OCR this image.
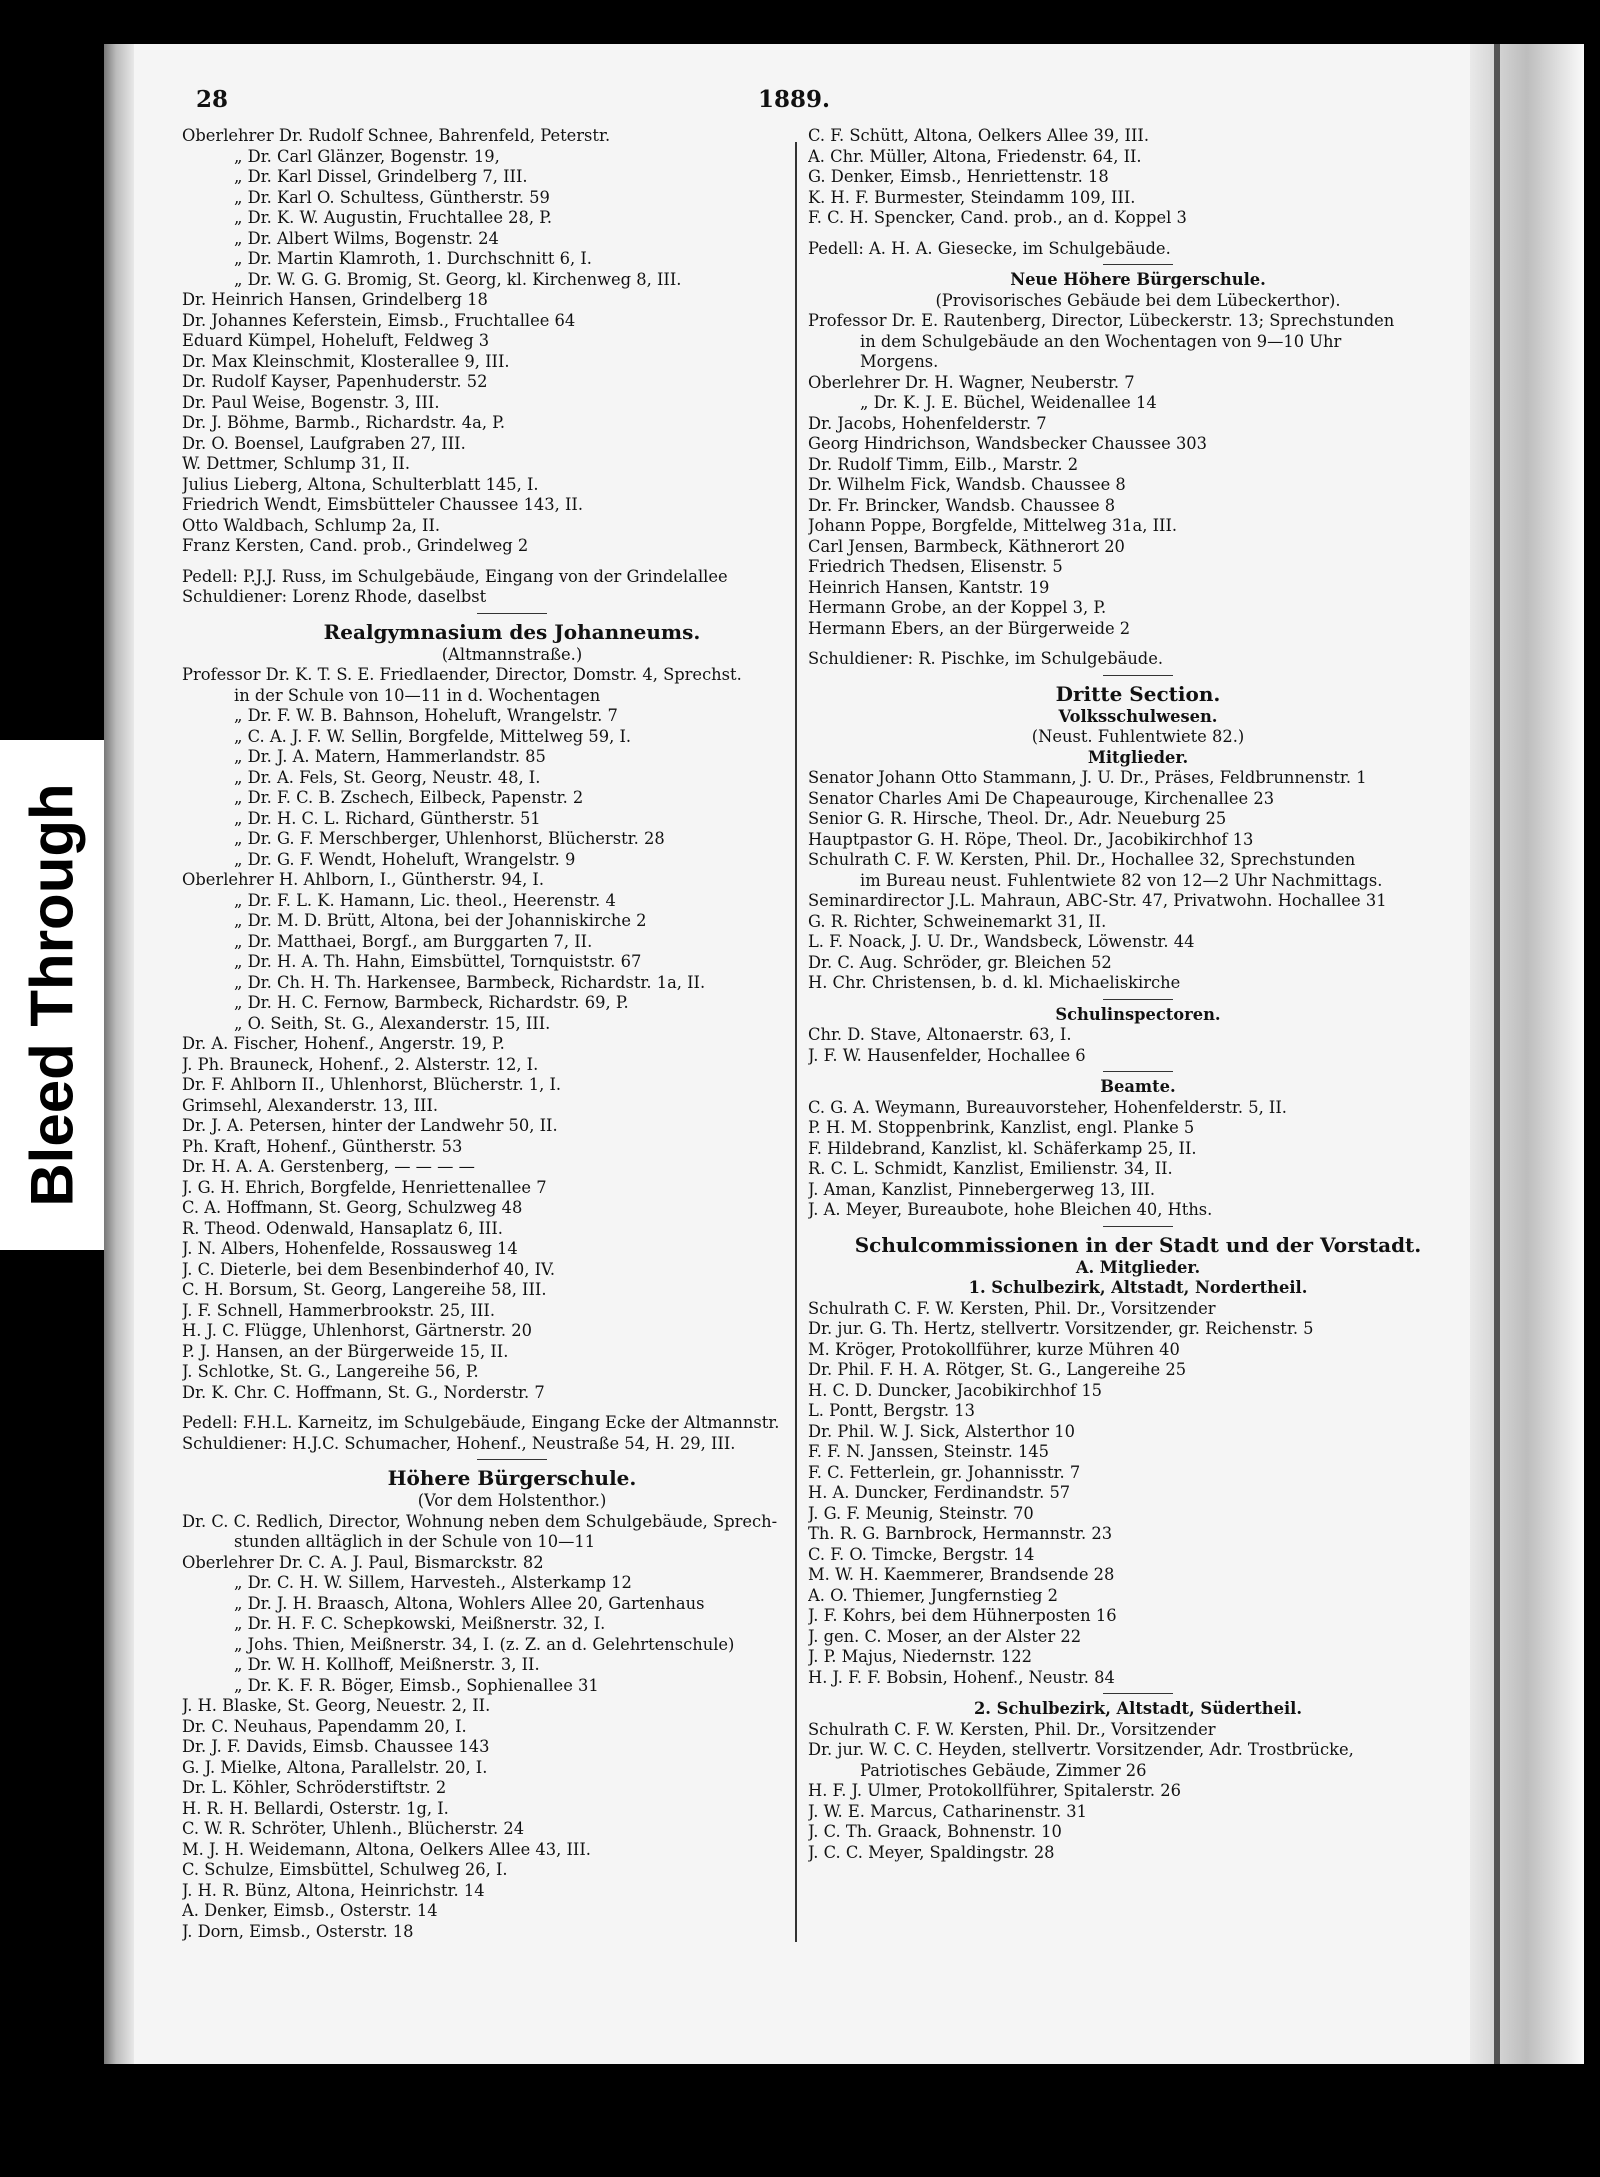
Bleed Through
28	1889.
Oberlehrer Dr. Rudolf Schnee, Bahrenfeld, Peterstr.
„ Dr. Carl Glänzer, Bogenstr. 19,
„ Dr. Karl Dissel, Grindelberg 7, III.
„ Dr. Karl O. Schultess, Güntherstr. 59
„ Dr. K. W. Augustin, Fruchtallee 28, P.
„ Dr. Albert Wilms, Bogenstr. 24
„ Dr. Martin Klamroth, 1. Durchschnitt 6, I.
„ Dr. W. G. G. Bromig, St. Georg, kl. Kirchenweg 8, III.
Dr. Heinrich Hansen, Grindelberg 18
Dr. Johannes Keferstein, Eimsb., Fruchtallee 64
Eduard Kümpel, Hoheluft, Feldweg 3
Dr. Max Kleinschmit, Klosterallee 9, III.
Dr. Rudolf Kayser, Papenhuderstr. 52
Dr. Paul Weise, Bogenstr. 3, III.
Dr. J. Böhme, Barmb., Richardstr. 4a, P.
Dr. O. Boensel, Laufgraben 27, III.
W. Dettmer, Schlump 31, II.
Julius Lieberg, Altona, Schulterblatt 145, I.
Friedrich Wendt, Eimsbütteler Chaussee 143, II.
Otto Waldbach, Schlump 2a, II.
Franz Kersten, Cand. prob., Grindelweg 2
Pedell: P.J.J. Russ, im Schulgebäude, Eingang von der Grindelallee
Schuldiener: Lorenz Rhode, daselbst
Realgymnasium des Johanneums.
(Altmannstraße.)
Professor Dr. K. T. S. E. Friedlaender, Director, Domstr. 4, Sprechst.
in der Schule von 10—11 in d. Wochentagen
„ Dr. F. W. B. Bahnson, Hoheluft, Wrangelstr. 7
„ C. A. J. F. W. Sellin, Borgfelde, Mittelweg 59, I.
„ Dr. J. A. Matern, Hammerlandstr. 85
„ Dr. A. Fels, St. Georg, Neustr. 48, I.
„ Dr. F. C. B. Zschech, Eilbeck, Papenstr. 2
„ Dr. H. C. L. Richard, Güntherstr. 51
„ Dr. G. F. Merschberger, Uhlenhorst, Blücherstr. 28
„ Dr. G. F. Wendt, Hoheluft, Wrangelstr. 9
Oberlehrer H. Ahlborn, I., Güntherstr. 94, I.
„ Dr. F. L. K. Hamann, Lic. theol., Heerenstr. 4
„ Dr. M. D. Brütt, Altona, bei der Johanniskirche 2
„ Dr. Matthaei, Borgf., am Burggarten 7, II.
„ Dr. H. A. Th. Hahn, Eimsbüttel, Tornquiststr. 67
„ Dr. Ch. H. Th. Harkensee, Barmbeck, Richardstr. 1a, II.
„ Dr. H. C. Fernow, Barmbeck, Richardstr. 69, P.
„ O. Seith, St. G., Alexanderstr. 15, III.
Dr. A. Fischer, Hohenf., Angerstr. 19, P.
J. Ph. Brauneck, Hohenf., 2. Alsterstr. 12, I.
Dr. F. Ahlborn II., Uhlenhorst, Blücherstr. 1, I.
Grimsehl, Alexanderstr. 13, III.
Dr. J. A. Petersen, hinter der Landwehr 50, II.
Ph. Kraft, Hohenf., Güntherstr. 53
Dr. H. A. A. Gerstenberg, — — — —
J. G. H. Ehrich, Borgfelde, Henriettenallee 7
C. A. Hoffmann, St. Georg, Schulzweg 48
R. Theod. Odenwald, Hansaplatz 6, III.
J. N. Albers, Hohenfelde, Rossausweg 14
J. C. Dieterle, bei dem Besenbinderhof 40, IV.
C. H. Borsum, St. Georg, Langereihe 58, III.
J. F. Schnell, Hammerbrookstr. 25, III.
H. J. C. Flügge, Uhlenhorst, Gärtnerstr. 20
P. J. Hansen, an der Bürgerweide 15, II.
J. Schlotke, St. G., Langereihe 56, P.
Dr. K. Chr. C. Hoffmann, St. G., Norderstr. 7
Pedell: F.H.L. Karneitz, im Schulgebäude, Eingang Ecke der Altmannstr.
Schuldiener: H.J.C. Schumacher, Hohenf., Neustraße 54, H. 29, III.
Höhere Bürgerschule.
(Vor dem Holstenthor.)
Dr. C. C. Redlich, Director, Wohnung neben dem Schulgebäude, Sprech-
stunden alltäglich in der Schule von 10—11
Oberlehrer Dr. C. A. J. Paul, Bismarckstr. 82
„ Dr. C. H. W. Sillem, Harvesteh., Alsterkamp 12
„ Dr. J. H. Braasch, Altona, Wohlers Allee 20, Gartenhaus
„ Dr. H. F. C. Schepkowski, Meißnerstr. 32, I.
„ Johs. Thien, Meißnerstr. 34, I. (z. Z. an d. Gelehrtenschule)
„ Dr. W. H. Kollhoff, Meißnerstr. 3, II.
„ Dr. K. F. R. Böger, Eimsb., Sophienallee 31
J. H. Blaske, St. Georg, Neuestr. 2, II.
Dr. C. Neuhaus, Papendamm 20, I.
Dr. J. F. Davids, Eimsb. Chaussee 143
G. J. Mielke, Altona, Parallelstr. 20, I.
Dr. L. Köhler, Schröderstiftstr. 2
H. R. H. Bellardi, Osterstr. 1g, I.
C. W. R. Schröter, Uhlenh., Blücherstr. 24
M. J. H. Weidemann, Altona, Oelkers Allee 43, III.
C. Schulze, Eimsbüttel, Schulweg 26, I.
J. H. R. Bünz, Altona, Heinrichstr. 14
A. Denker, Eimsb., Osterstr. 14
J. Dorn, Eimsb., Osterstr. 18
C. F. Schütt, Altona, Oelkers Allee 39, III.
A. Chr. Müller, Altona, Friedenstr. 64, II.
G. Denker, Eimsb., Henriettenstr. 18
K. H. F. Burmester, Steindamm 109, III.
F. C. H. Spencker, Cand. prob., an d. Koppel 3
Pedell: A. H. A. Giesecke, im Schulgebäude.
Neue Höhere Bürgerschule.
(Provisorisches Gebäude bei dem Lübeckerthor).
Professor Dr. E. Rautenberg, Director, Lübeckerstr. 13; Sprechstunden
in dem Schulgebäude an den Wochentagen von 9—10 Uhr
Morgens.
Oberlehrer Dr. H. Wagner, Neuberstr. 7
„ Dr. K. J. E. Büchel, Weidenallee 14
Dr. Jacobs, Hohenfelderstr. 7
Georg Hindrichson, Wandsbecker Chaussee 303
Dr. Rudolf Timm, Eilb., Marstr. 2
Dr. Wilhelm Fick, Wandsb. Chaussee 8
Dr. Fr. Brincker, Wandsb. Chaussee 8
Johann Poppe, Borgfelde, Mittelweg 31a, III.
Carl Jensen, Barmbeck, Käthnerort 20
Friedrich Thedsen, Elisenstr. 5
Heinrich Hansen, Kantstr. 19
Hermann Grobe, an der Koppel 3, P.
Hermann Ebers, an der Bürgerweide 2
Schuldiener: R. Pischke, im Schulgebäude.
Dritte Section.
Volksschulwesen.
(Neust. Fuhlentwiete 82.)
Mitglieder.
Senator Johann Otto Stammann, J. U. Dr., Präses, Feldbrunnenstr. 1
Senator Charles Ami De Chapeaurouge, Kirchenallee 23
Senior G. R. Hirsche, Theol. Dr., Adr. Neueburg 25
Hauptpastor G. H. Röpe, Theol. Dr., Jacobikirchhof 13
Schulrath C. F. W. Kersten, Phil. Dr., Hochallee 32, Sprechstunden
im Bureau neust. Fuhlentwiete 82 von 12—2 Uhr Nachmittags.
Seminardirector J.L. Mahraun, ABC-Str. 47, Privatwohn. Hochallee 31
G. R. Richter, Schweinemarkt 31, II.
L. F. Noack, J. U. Dr., Wandsbeck, Löwenstr. 44
Dr. C. Aug. Schröder, gr. Bleichen 52
H. Chr. Christensen, b. d. kl. Michaeliskirche
Schulinspectoren.
Chr. D. Stave, Altonaerstr. 63, I.
J. F. W. Hausenfelder, Hochallee 6
Beamte.
C. G. A. Weymann, Bureauvorsteher, Hohenfelderstr. 5, II.
P. H. M. Stoppenbrink, Kanzlist, engl. Planke 5
F. Hildebrand, Kanzlist, kl. Schäferkamp 25, II.
R. C. L. Schmidt, Kanzlist, Emilienstr. 34, II.
J. Aman, Kanzlist, Pinnebergerweg 13, III.
J. A. Meyer, Bureaubote, hohe Bleichen 40, Hths.
Schulcommissionen in der Stadt und der Vorstadt.
A. Mitglieder.
1. Schulbezirk, Altstadt, Nordertheil.
Schulrath C. F. W. Kersten, Phil. Dr., Vorsitzender
Dr. jur. G. Th. Hertz, stellvertr. Vorsitzender, gr. Reichenstr. 5
M. Kröger, Protokollführer, kurze Mühren 40
Dr. Phil. F. H. A. Rötger, St. G., Langereihe 25
H. C. D. Duncker, Jacobikirchhof 15
L. Pontt, Bergstr. 13
Dr. Phil. W. J. Sick, Alsterthor 10
F. F. N. Janssen, Steinstr. 145
F. C. Fetterlein, gr. Johannisstr. 7
H. A. Duncker, Ferdinandstr. 57
J. G. F. Meunig, Steinstr. 70
Th. R. G. Barnbrock, Hermannstr. 23
C. F. O. Timcke, Bergstr. 14
M. W. H. Kaemmerer, Brandsende 28
A. O. Thiemer, Jungfernstieg 2
J. F. Kohrs, bei dem Hühnerposten 16
J. gen. C. Moser, an der Alster 22
J. P. Majus, Niedernstr. 122
H. J. F. F. Bobsin, Hohenf., Neustr. 84
2. Schulbezirk, Altstadt, Südertheil.
Schulrath C. F. W. Kersten, Phil. Dr., Vorsitzender
Dr. jur. W. C. C. Heyden, stellvertr. Vorsitzender, Adr. Trostbrücke,
Patriotisches Gebäude, Zimmer 26
H. F. J. Ulmer, Protokollführer, Spitalerstr. 26
J. W. E. Marcus, Catharinenstr. 31
J. C. Th. Graack, Bohnenstr. 10
J. C. C. Meyer, Spaldingstr. 28
